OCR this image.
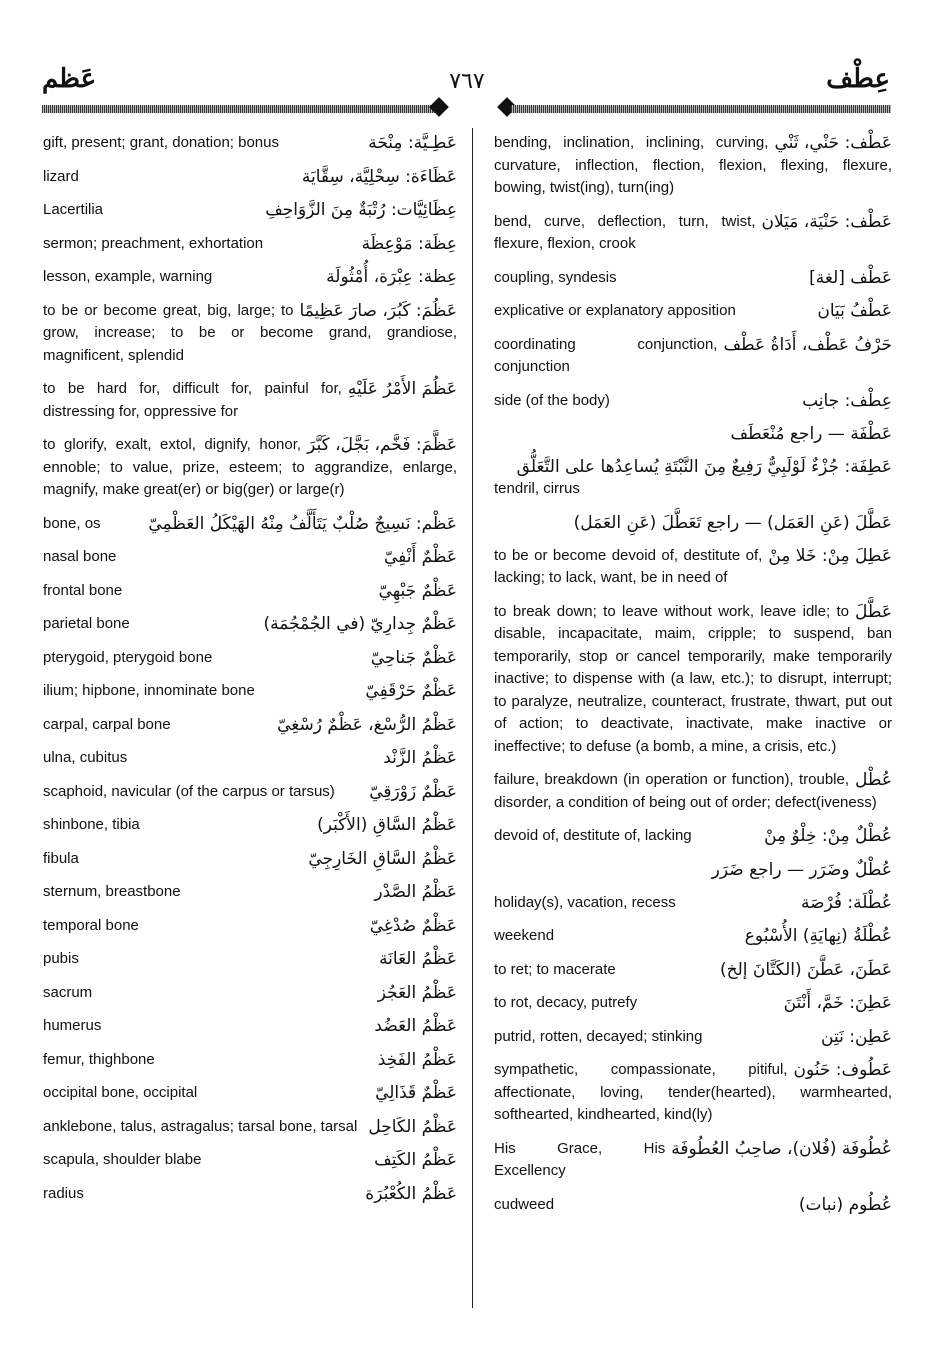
عَظم	٧٦٧	عِطْف
عَطِـيَّة: مِنْحَة
gift, present; grant, donation; bonus
عَظَاءَة: سِحْلِيَّة، سِقَّايَة
lizard
عِظَائِيَّات: رُتْبَةٌ مِنَ الزَّوَاحِفِ
Lacertilia
عِظَة: مَوْعِظَة
sermon; preachment, exhortation
عِظة: عِبْرَة، أُمْثُولَة
lesson, example, warning
عَظُمَ: كَبُرَ، صارَ عَظِيمًا
to be or become great, big, large; to grow, increase; to be or become grand, grandiose, magnificent, splendid
عَظُمَ الأَمْرُ عَلَيْهِ
to be hard for, difficult for, painful for, distressing for, oppressive for
عَظَّمَ: فَخَّم، بَجَّلَ، كَبَّرَ
to glorify, exalt, extol, dignify, honor, ennoble; to value, prize, esteem; to aggrandize, enlarge, magnify, make great(er) or big(ger) or large(r)
عَظْم: نَسِيجٌ صُلْبٌ يَتَأَلَّفُ مِنْهُ الهَيْكَلُ العَظْمِيّ
bone, os
عَظْمٌ أَنْفِيّ
nasal bone
عَظْمٌ جَبْهِيّ
frontal bone
عَظْمٌ جِدارِيّ (في الجُمْجُمَة)
parietal bone
عَظْمٌ جَناحِيّ
pterygoid, pterygoid bone
عَظْمٌ حَرْقَفِيّ
ilium; hipbone, innominate bone
عَظْمُ الرُّسْغ، عَظْمٌ رُسْغِيّ
carpal, carpal bone
عَظْمُ الزَّنْد
ulna, cubitus
عَظْمٌ زَوْرَقِيّ
scaphoid, navicular (of the carpus or tarsus)
عَظْمُ السَّاقِ (الأَكْبَر)
shinbone, tibia
عَظْمُ السَّاقِ الخَارِجِيّ
fibula
عَظْمُ الصَّدْر
sternum, breastbone
عَظْمٌ صُدْغِيّ
temporal bone
عَظْمُ العَانَة
pubis
عَظْمُ العَجُز
sacrum
عَظْمُ العَضُد
humerus
عَظْمُ الفَخِذ
femur, thighbone
عَظْمٌ قَذَالِيّ
occipital bone, occipital
عَظْمُ الكَاحِل
anklebone, talus, astragalus; tarsal bone, tarsal
عَظْمُ الكَتِف
scapula, shoulder blabe
عَظْمُ الكُعْبُرَة
radius
عَطْف: حَنْي، ثَنْي
bending, inclination, inclining, curving, curvature, inflection, flection, flexion, flexing, flexure, bowing, twist(ing), turn(ing)
عَطْف: حَنْيَة، مَيَلان
bend, curve, deflection, turn, twist, flexure, flexion, crook
عَطْف [لغة]
coupling, syndesis
عَطْفُ بَيَان
explicative or explanatory apposition
حَرْفُ عَطْف، أَدَاةُ عَطْف
coordinating conjunction, conjunction
عِطْف: جانِب
side (of the body)
عَطْفَة — راجع مُنْعَطَف
عَطِفَة: جُزْءٌ لَوْلَبِيٌّ رَفِيعٌ مِنَ النَّبْتَةِ يُساعِدُها على التَّعَلُّق
tendril, cirrus
عَطَّلَ (عَنِ العَمَل) — راجع تَعَطَّلَ (عَنِ العَمَل)
عَطِلَ مِنْ: خَلا مِنْ
to be or become devoid of, destitute of, lacking; to lack, want, be in need of
عَطَّلَ
to break down; to leave without work, leave idle; to disable, incapacitate, maim, cripple; to suspend, ban temporarily, stop or cancel temporarily, make temporarily inactive; to dispense with (a law, etc.); to disrupt, interrupt; to paralyze, neutralize, counteract, frustrate, thwart, put out of action; to deactivate, inactivate, make inactive or ineffective; to defuse (a bomb, a mine, a crisis, etc.)
عُطْل
failure, breakdown (in operation or function), trouble, disorder, a condition of being out of order; defect(iveness)
عُطْلٌ مِنْ: خِلْوٌ مِنْ
devoid of, destitute of, lacking
عُطْلٌ وضَرَر — راجع ضَرَر
عُطْلَة: فُرْصَة
holiday(s), vacation, recess
عُطْلَةُ (نِهايَةِ) الأُسْبُوع
weekend
عَطَنَ، عَطَّنَ (الكَتَّانَ إلخ)
to ret; to macerate
عَطِنَ: خَمَّ، أَنْتَنَ
to rot, decacy, putrefy
عَطِن: نَتِن
putrid, rotten, decayed; stinking
عَطُوف: حَنُون
sympathetic, compassionate, pitiful, affectionate, loving, tender(hearted), warmhearted, softhearted, kindhearted, kind(ly)
عُطُوفَة (فُلان)، صاحِبُ العُطُوفَة
His Grace, His Excellency
عُطُوم (نبات)
cudweed
